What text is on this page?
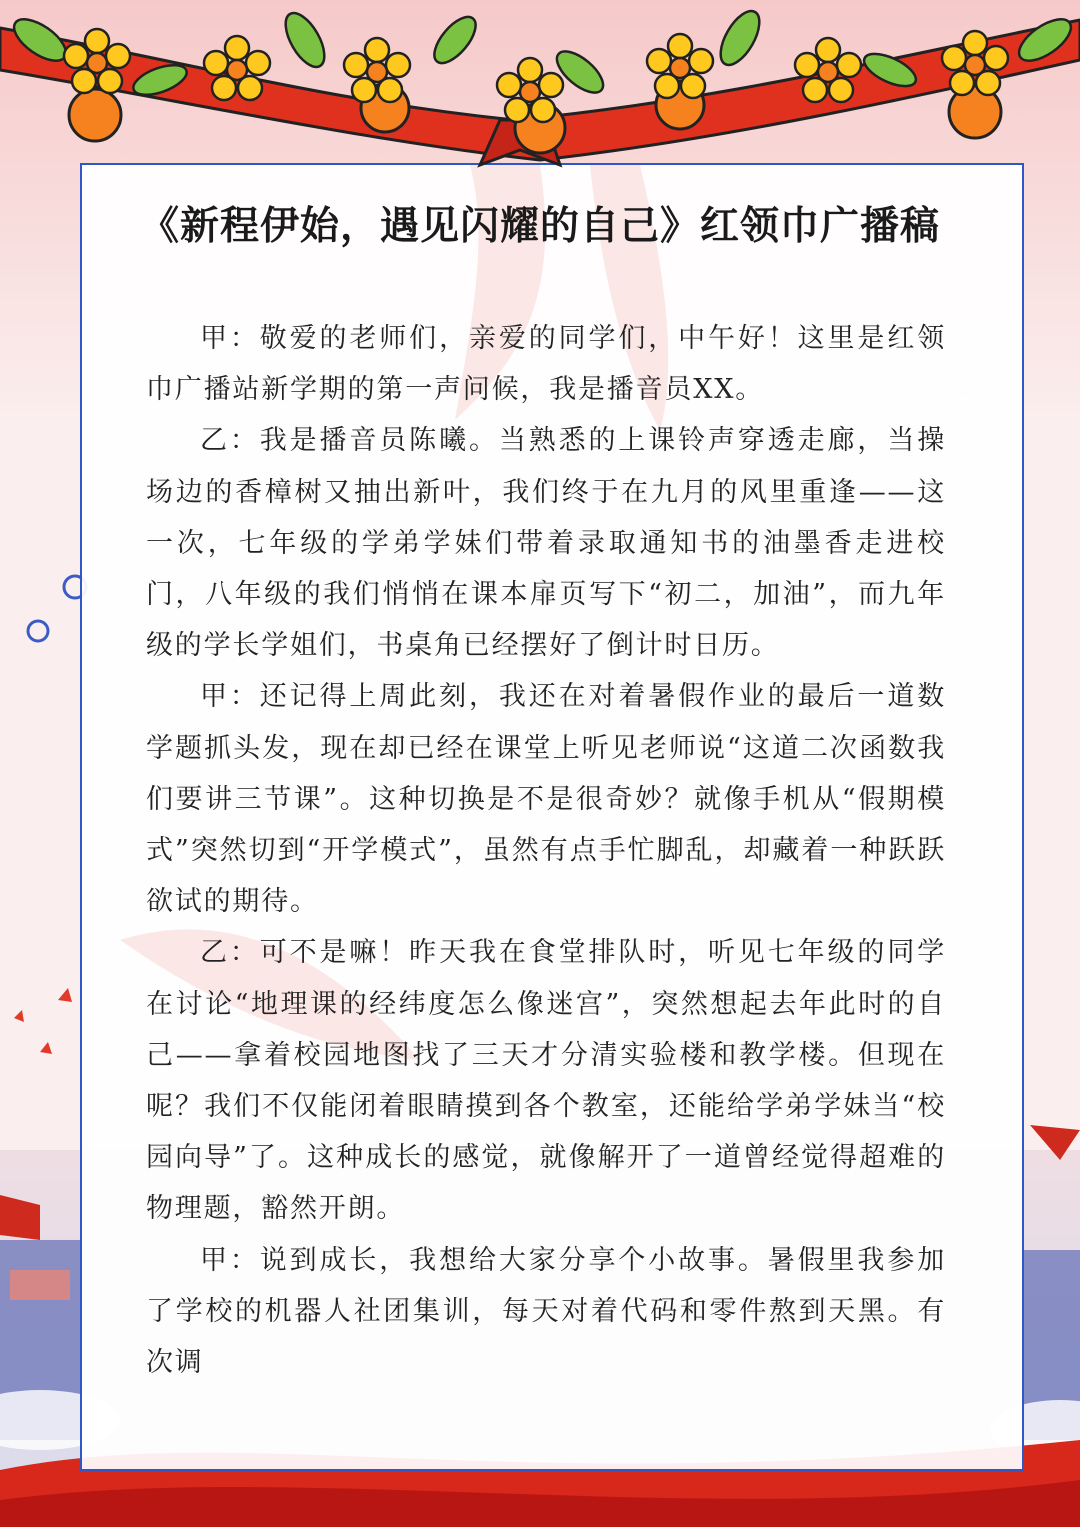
《新程伊始，遇见闪耀的自己》红领巾广播稿

甲：敬爱的老师们，亲爱的同学们，中午好！这里是红领巾广播站新学期的第一声问候，我是播音员XX。

乙：我是播音员陈曦。当熟悉的上课铃声穿透走廊，当操场边的香樟树又抽出新叶，我们终于在九月的风里重逢——这一次，七年级的学弟学妹们带着录取通知书的油墨香走进校门，八年级的我们悄悄在课本扉页写下“初二，加油”，而九年级的学长学姐们，书桌角已经摆好了倒计时日历。

甲：还记得上周此刻，我还在对着暑假作业的最后一道数学题抓头发，现在却已经在课堂上听见老师说“这道二次函数我们要讲三节课”。这种切换是不是很奇妙？就像手机从“假期模式”突然切到“开学模式”，虽然有点手忙脚乱，却藏着一种跃跃欲试的期待。

乙：可不是嘛！昨天我在食堂排队时，听见七年级的同学在讨论“地理课的经纬度怎么像迷宫”，突然想起去年此时的自己——拿着校园地图找了三天才分清实验楼和教学楼。但现在呢？我们不仅能闭着眼睛摸到各个教室，还能给学弟学妹当“校园向导”了。这种成长的感觉，就像解开了一道曾经觉得超难的物理题，豁然开朗。

甲：说到成长，我想给大家分享个小故事。暑假里我参加了学校的机器人社团集训，每天对着代码和零件熬到天黑。有次调
